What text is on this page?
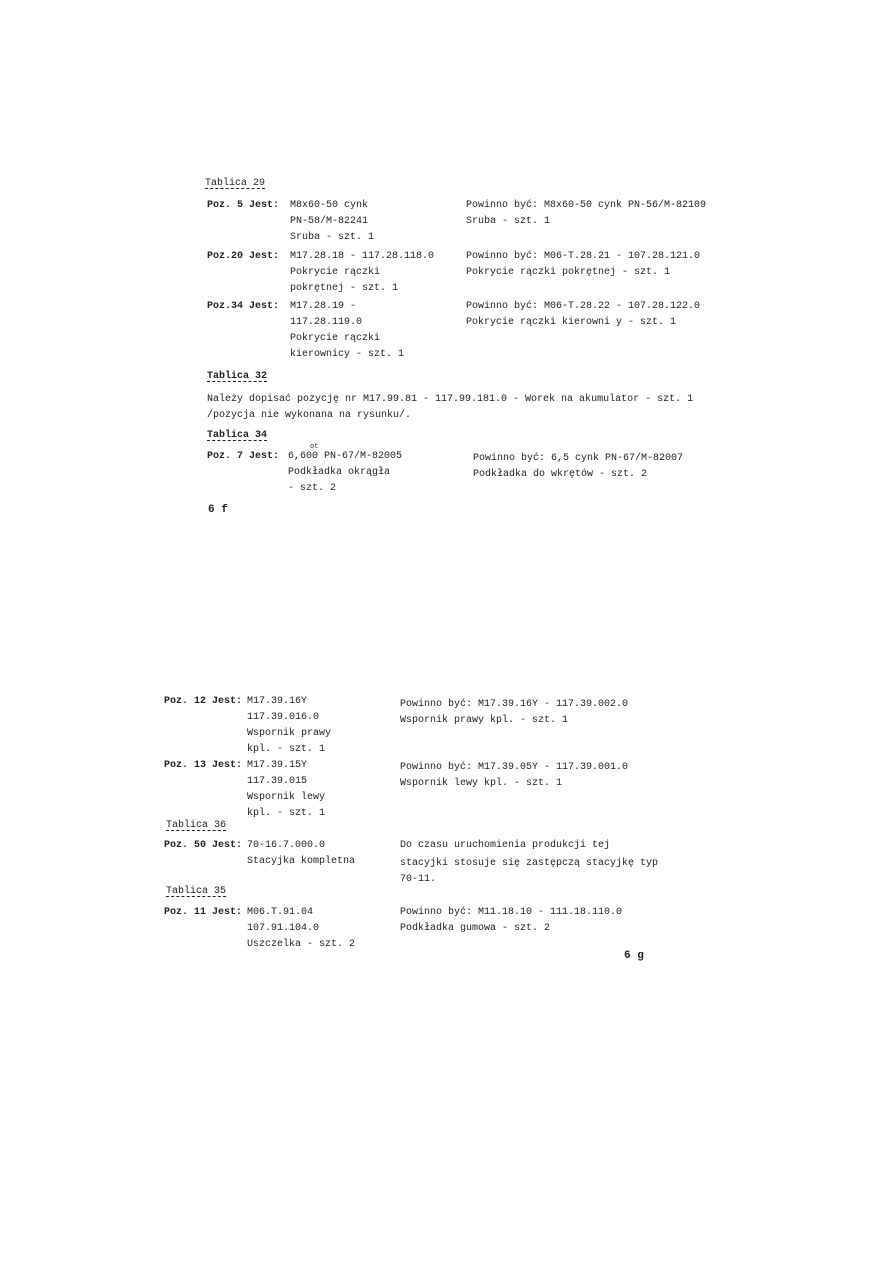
Tablica 29
Poz. 5 Jest: M8x60-50 cynk
PN-58/M-82241
Sruba - szt. 1
Powinno być: M8x60-50 cynk PN-56/M-82109
Sruba - szt. 1
Poz.20 Jest: M17.28.18 - 117.28.118.0
Pokrycie rączki
pokrętnej - szt. 1
Powinno być: M06-T.28.21 - 107.28.121.0
Pokrycie rączki pokrętnej - szt. 1
Poz.34 Jest: M17.28.19 -
117.28.119.0
Pokrycie rączki
kierownicy - szt. 1
Powinno być: M06-T.28.22 - 107.28.122.0
Pokrycie rączki kierowni y - szt. 1
Tablica 32
Należy dopisać pozycję nr M17.99.81 - 117.99.181.0 - Worek na akumulator - szt. 1
/pozycja nie wykonana na rysunku/.
Tablica 34
ot
Poz. 7 Jest: 6,600 PN-67/M-82005
Podkładka okrągła
- szt. 2
Powinno być: 6,5 cynk PN-67/M-82007
Podkładka do wkrętów - szt. 2
6 f
Poz. 12 Jest: M17.39.16Y
117.39.016.0
Wspornik prawy
kpl. - szt. 1
Powinno być: M17.39.16Y - 117.39.002.0
Wspornik prawy kpl. - szt. 1
Poz. 13 Jest: M17.39.15Y
117.39.015
Wspornik lewy
kpl. - szt. 1
Powinno być: M17.39.05Y - 117.39.001.0
Wspornik lewy kpl. - szt. 1
Tablica 36
Poz. 50 Jest: 70-16.7.000.0
Stacyjka kompletna
Do czasu uruchomienia produkcji tej
stacyjki stosuje się zastępczą stacyjkę typ
70-11.
Tablica 35
Poz. 11 Jest: M06.T.91.04
107.91.104.0
Uszczelka - szt. 2
Powinno być: M11.18.10 - 111.18.110.0
Podkładka gumowa - szt. 2
6 g
